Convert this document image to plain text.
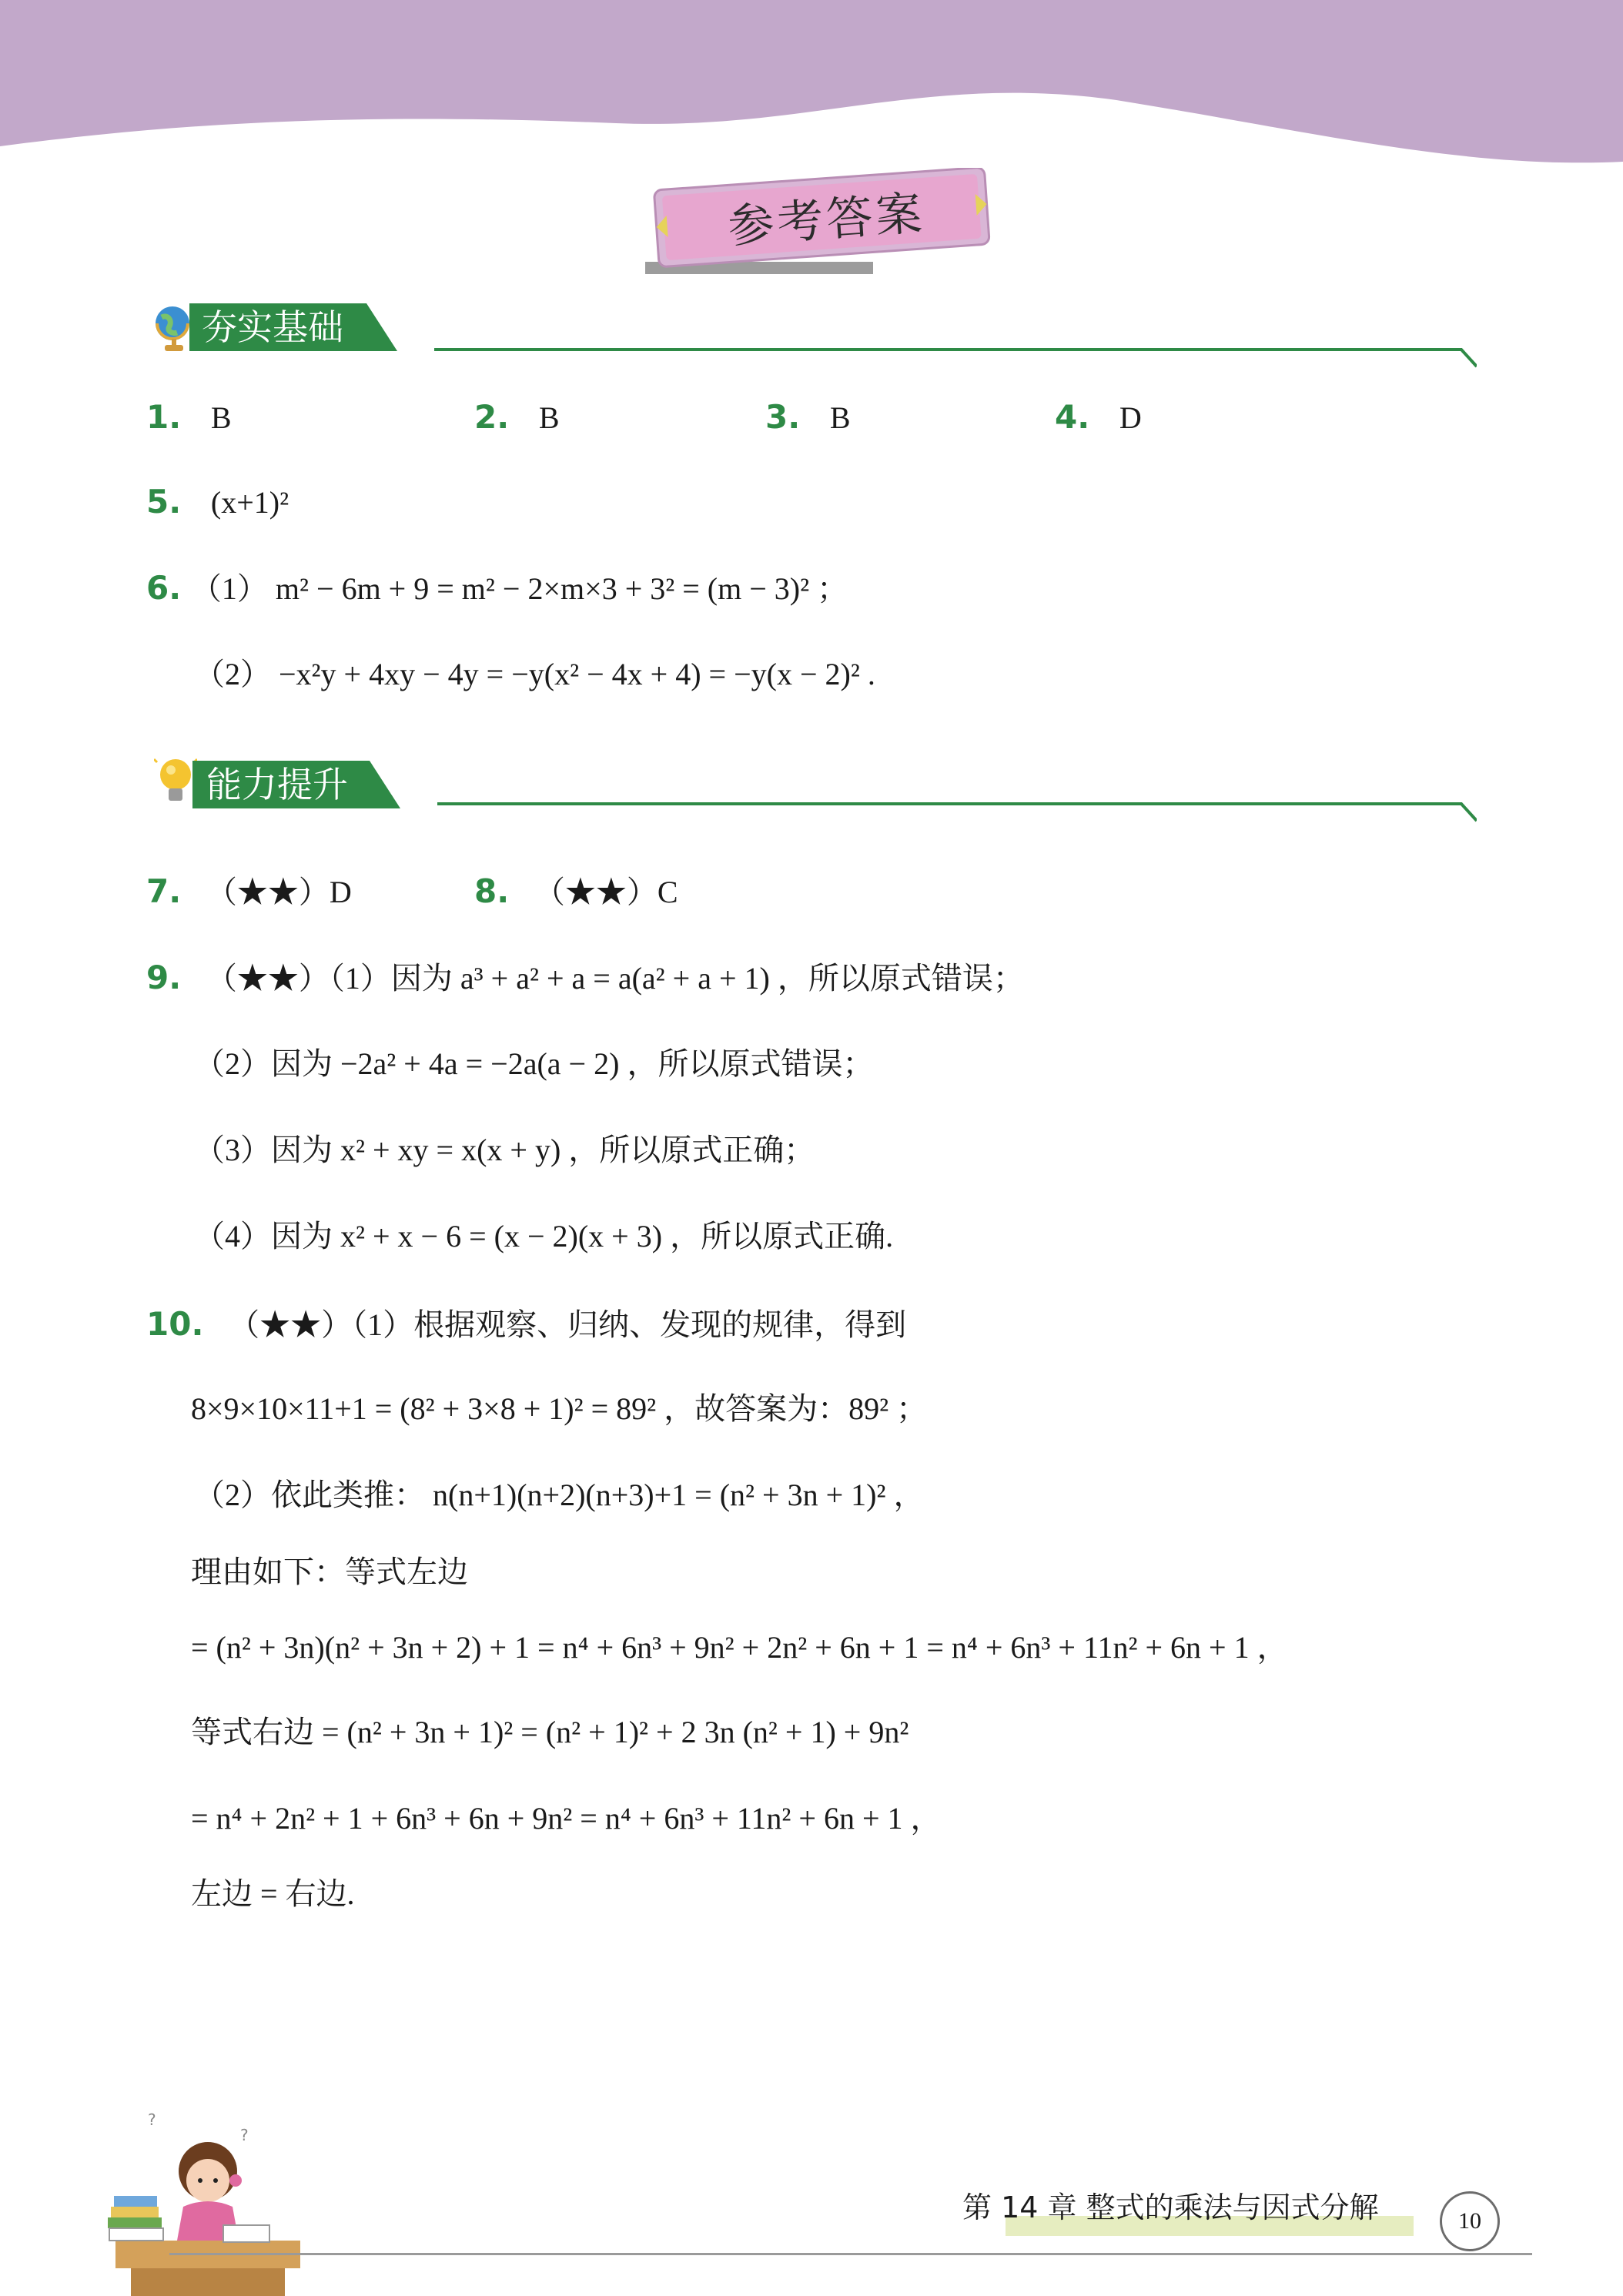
参考答案
夯实基础
1. B	2. B	3. B	4. D
5. (x+1)²
6. （1） m² − 6m + 9 = m² − 2×m×3 + 3² = (m − 3)² ；
（2） −x²y + 4xy − 4y = −y(x² − 4x + 4) = −y(x − 2)² .
能力提升
7. （★★）D	8. （★★）C
9. （★★）（1）因为 a³ + a² + a = a(a² + a + 1) ，所以原式错误；
（2）因为 −2a² + 4a = −2a(a − 2) ，所以原式错误；
（3）因为 x² + xy = x(x + y) ，所以原式正确；
（4）因为 x² + x − 6 = (x − 2)(x + 3) ，所以原式正确.
10. （★★）（1）根据观察、归纳、发现的规律，得到
8×9×10×11+1 = (8² + 3×8 + 1)² = 89² ，故答案为：89² ；
（2）依此类推： n(n+1)(n+2)(n+3)+1 = (n² + 3n + 1)² ，
理由如下：等式左边
= (n² + 3n)(n² + 3n + 2) + 1 = n⁴ + 6n³ + 9n² + 2n² + 6n + 1 = n⁴ + 6n³ + 11n² + 6n + 1 ，
等式右边 = (n² + 3n + 1)² = (n² + 1)² + 2 3n (n² + 1) + 9n²
= n⁴ + 2n² + 1 + 6n³ + 6n + 9n² = n⁴ + 6n³ + 11n² + 6n + 1 ，
左边 = 右边.
?
?
第 14 章 整式的乘法与因式分解	10
